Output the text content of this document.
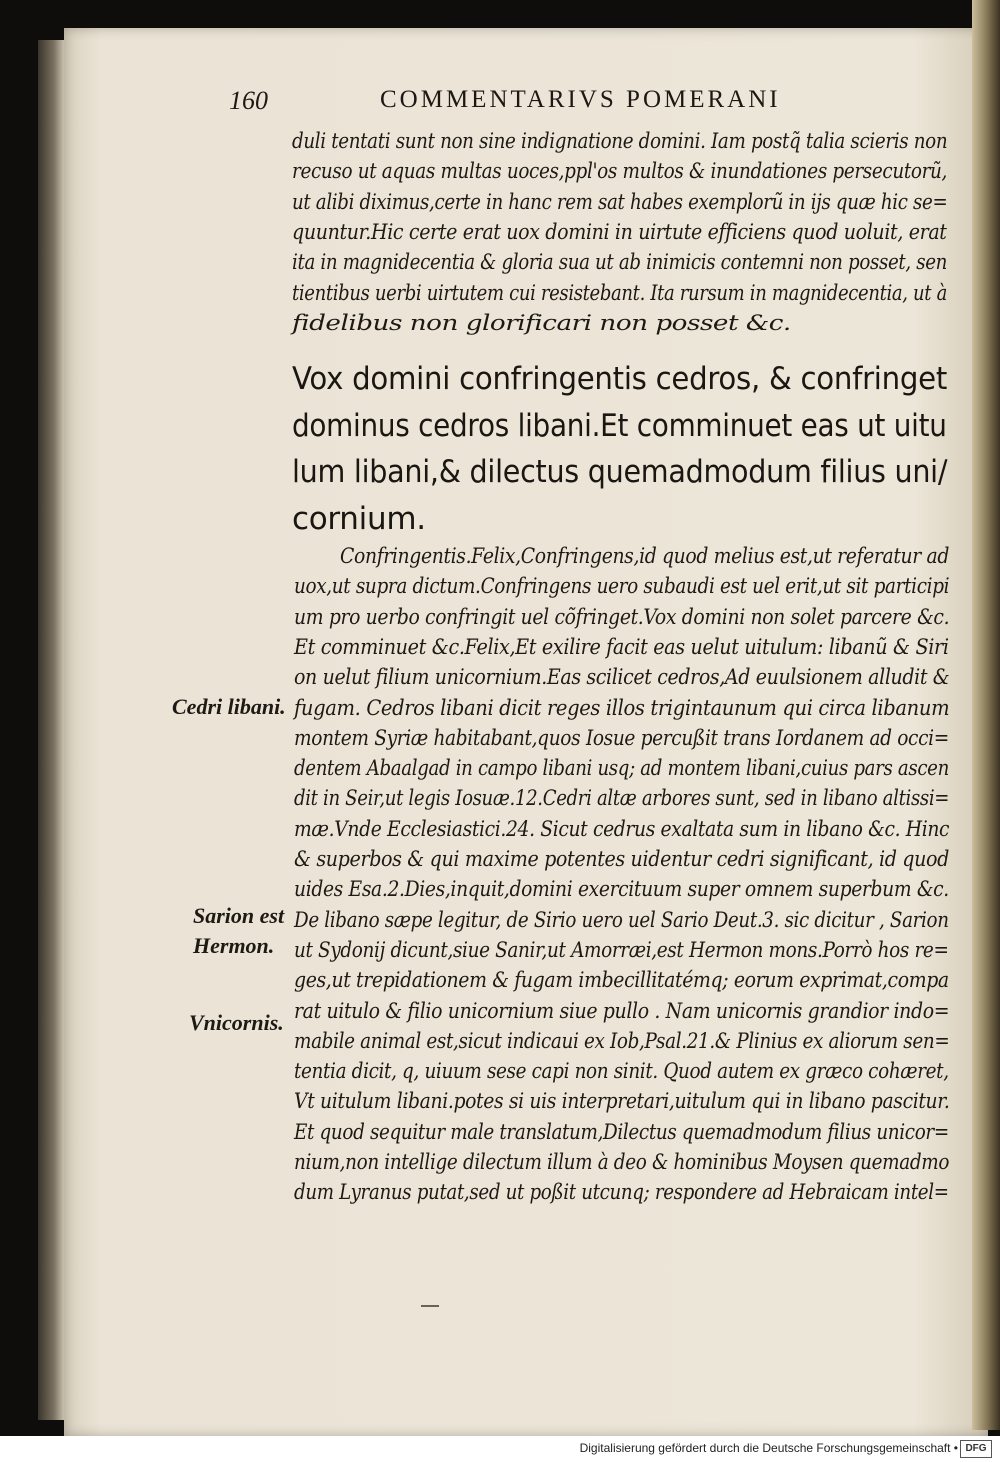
160	COMMENTARIVS POMERANI
duli tentati sunt non sine indignatione domini. Iam postq̃ talia scieris non
recuso ut aquas multas uoces,ppl'os multos & inundationes persecutorũ,
ut alibi diximus,certe in hanc rem sat habes exemplorũ in ijs quæ hic se=
quuntur.Hic certe erat uox domini in uirtute efficiens quod uoluit, erat
ita in magnidecentia & gloria sua ut ab inimicis contemni non posset, sen
tientibus uerbi uirtutem cui resistebant. Ita rursum in magnidecentia, ut à
fidelibus non glorificari non posset &c.
Vox domini confringentis cedros, & confringet
dominus cedros libani.Et comminuet eas ut uitu
lum libani,& dilectus quemadmodum filius uni/
cornium.
Confringentis.Felix,Confringens,id quod melius est,ut referatur ad
uox,ut supra dictum.Confringens uero subaudi est uel erit,ut sit participi
um pro uerbo confringit uel cõfringet.Vox domini non solet parcere &c.
Et comminuet &c.Felix,Et exilire facit eas uelut uitulum: libanũ & Siri
on uelut filium unicornium.Eas scilicet cedros,Ad euulsionem alludit &
fugam. Cedros libani dicit reges illos trigintaunum qui circa libanum
montem Syriæ habitabant,quos Iosue percußit trans Iordanem ad occi=
dentem Abaalgad in campo libani usq; ad montem libani,cuius pars ascen
dit in Seir,ut legis Iosuæ.12.Cedri altæ arbores sunt, sed in libano altissi=
mæ.Vnde Ecclesiastici.24. Sicut cedrus exaltata sum in libano &c. Hinc
& superbos & qui maxime potentes uidentur cedri significant, id quod
uides Esa.2.Dies,inquit,domini exercituum super omnem superbum &c.
De libano sæpe legitur, de Sirio uero uel Sario Deut.3. sic dicitur , Sarion
ut Sydonij dicunt,siue Sanir,ut Amorræi,est Hermon mons.Porrò hos re=
ges,ut trepidationem & fugam imbecillitatémq; eorum exprimat,compa
rat uitulo & filio unicornium siue pullo . Nam unicornis grandior indo=
mabile animal est,sicut indicaui ex Iob,Psal.21.& Plinius ex aliorum sen=
tentia dicit, q, uiuum sese capi non sinit. Quod autem ex græco cohæret,
Vt uitulum libani.potes si uis interpretari,uitulum qui in libano pascitur.
Et quod sequitur male translatum,Dilectus quemadmodum filius unicor=
nium,non intellige dilectum illum à deo & hominibus Moysen quemadmo
dum Lyranus putat,sed ut poßit utcunq; respondere ad Hebraicam intel=
Cedri libani.
Sarion est
Hermon.
Vnicornis.
Digitalisierung gefördert durch die Deutsche Forschungsgemeinschaft • DFG
